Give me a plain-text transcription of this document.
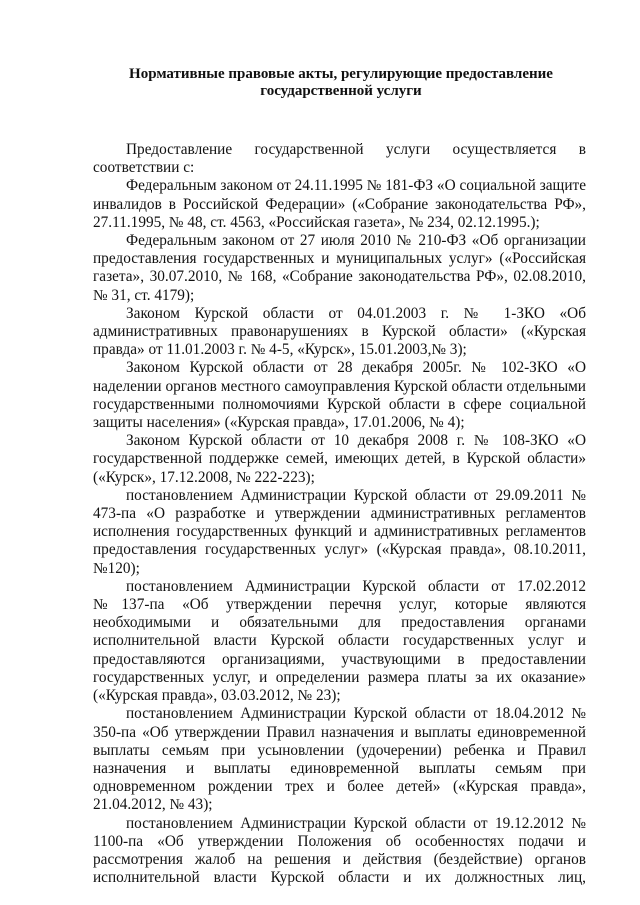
Нормативные правовые акты, регулирующие предоставление
государственной услуги

Предоставление государственной услуги осуществляется в соответствии с:

Федеральным законом от 24.11.1995 № 181-ФЗ «О социальной защите инвалидов в Российской Федерации» («Собрание законодательства РФ», 27.11.1995, № 48, ст. 4563, «Российская газета», № 234, 02.12.1995.);

Федеральным законом от 27 июля 2010 № 210-ФЗ «Об организации предоставления государственных и муниципальных услуг» («Российская газета», 30.07.2010, № 168, «Собрание законодательства РФ», 02.08.2010, № 31, ст. 4179);

Законом Курской области от 04.01.2003 г. № 1-ЗКО «Об административных правонарушениях в Курской области» («Курская правда» от 11.01.2003 г. № 4-5, «Курск», 15.01.2003,№ 3);

Законом Курской области от 28 декабря 2005г. № 102-ЗКО «О наделении органов местного самоуправления Курской области отдельными государственными полномочиями Курской области в сфере социальной защиты населения» («Курская правда», 17.01.2006, № 4);

Законом Курской области от 10 декабря 2008 г. № 108-ЗКО «О государственной поддержке семей, имеющих детей, в Курской области» («Курск», 17.12.2008, № 222-223);

постановлением Администрации Курской области от 29.09.2011 № 473-па «О разработке и утверждении административных регламентов исполнения государственных функций и административных регламентов предоставления государственных услуг» («Курская правда», 08.10.2011, №120);

постановлением Администрации Курской области от 17.02.2012 №137-па «Об утверждении перечня услуг, которые являются необходимыми и обязательными для предоставления органами исполнительной власти Курской области государственных услуг и предоставляются организациями, участвующими в предоставлении государственных услуг, и определении размера платы за их оказание» («Курская правда», 03.03.2012, № 23);

постановлением Администрации Курской области от 18.04.2012 № 350-па «Об утверждении Правил назначения и выплаты единовременной выплаты семьям при усыновлении (удочерении) ребенка и Правил назначения и выплаты единовременной выплаты семьям при одновременном рождении трех и более детей» («Курская правда», 21.04.2012, № 43);

постановлением Администрации Курской области от 19.12.2012 № 1100-па «Об утверждении Положения об особенностях подачи и рассмотрения жалоб на решения и действия (бездействие) органов исполнительной власти Курской области и их должностных лиц,
